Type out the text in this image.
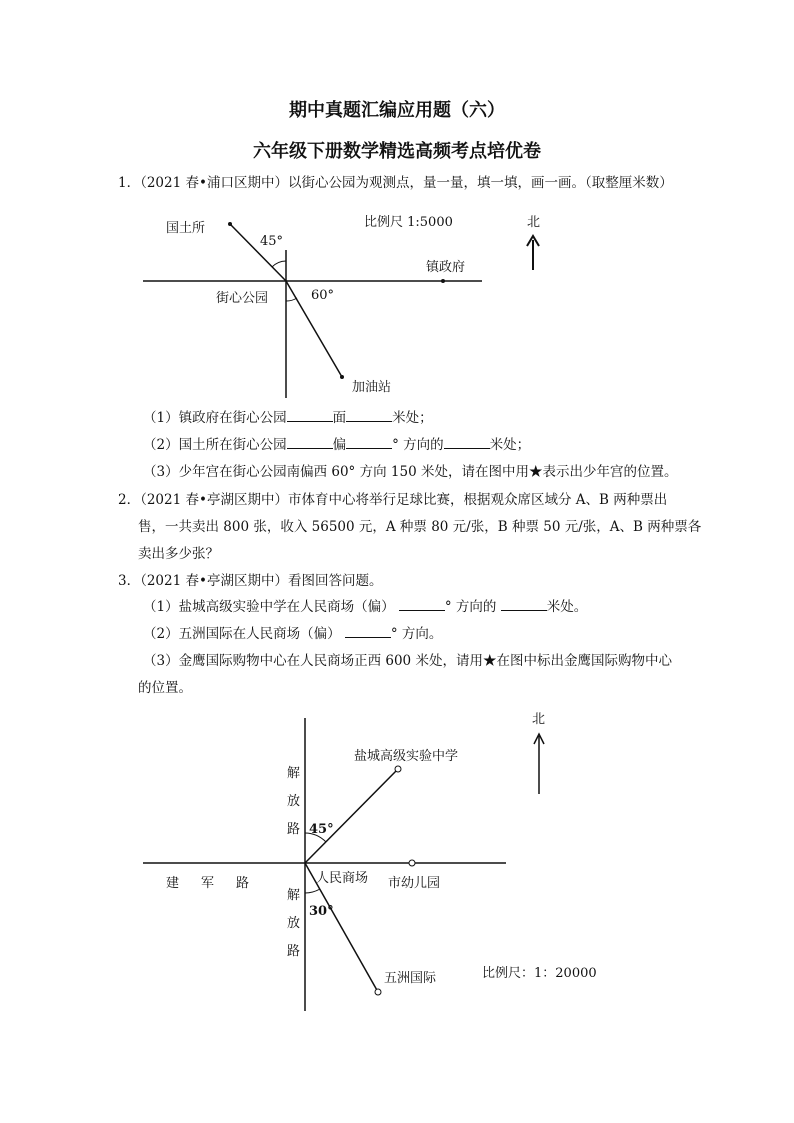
期中真题汇编应用题（六）
六年级下册数学精选高频考点培优卷
1．（2021 春•浦口区期中）以街心公园为观测点，量一量，填一填，画一画。（取整厘米数）
国土所	比例尺 1:5000	北
45°
镇政府
街心公园	60°
加油站
（1）镇政府在街心公园	面	米处；
（2）国土所在街心公园	偏	° 方向的	米处；
（3）少年宫在街心公园南偏西 60° 方向 150 米处，请在图中用★表示出少年宫的位置。
2．（2021 春•亭湖区期中）市体育中心将举行足球比赛，根据观众席区域分 A、B 两种票出
售，一共卖出 800 张，收入 56500 元，A 种票 80 元/张，B 种票 50 元/张，A、B 两种票各
卖出多少张？
3．（2021 春•亭湖区期中）看图回答问题。
（1）盐城高级实验中学在人民商场（偏）	° 方向的	米处。
（2）五洲国际在人民商场（偏）	° 方向。
（3）金鹰国际购物中心在人民商场正西 600 米处，请用★在图中标出金鹰国际购物中心
的位置。
北
盐城高级实验中学
解
放
路 45°
建 军 路	人民商场 市幼儿园
解
30°
放
路
五洲国际	比例尺：1：20000
